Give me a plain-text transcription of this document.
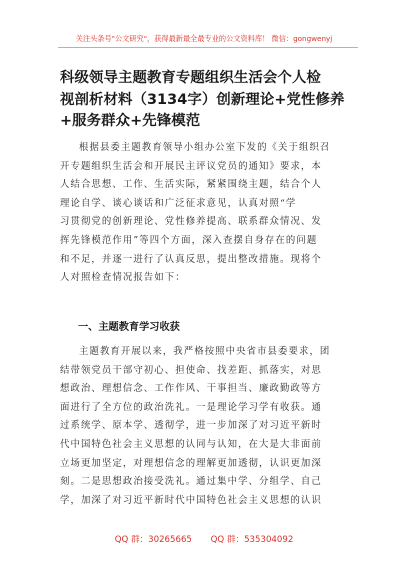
关注头条号"公文研究"，获得最新最全最专业的公文资料库！ 微信：gongwenyj
科级领导主题教育专题组织生活会个人检
视剖析材料（3134字）创新理论+党性修养
+服务群众+先锋模范
根据县委主题教育领导小组办公室下发的《关于组织召
开专题组织生活会和开展民主评议党员的通知》要求，本
人结合思想、工作、生活实际，紧紧围绕主题，结合个人
理论自学、谈心谈话和广泛征求意见，认真对照“学
习贯彻党的创新理论、党性修养提高、联系群众情况、发
挥先锋模范作用”等四个方面，深入查摆自身存在的问题
和不足，并逐一进行了认真反思，提出整改措施。现将个
人对照检查情况报告如下：
一、主题教育学习收获
主题教育开展以来，我严格按照中央省市县委要求，团
结带领党员干部守初心、担使命、找差距、抓落实，对思
想政治、理想信念、工作作风、干事担当、廉政勤政等方
面进行了全方位的政治洗礼。一是理论学习学有收获。通
过系统学、原本学、透彻学，进一步加深了对习近平新时
代中国特色社会主义思想的认同与认知，在大是大非面前
立场更加坚定，对理想信念的理解更加透彻，认识更加深
刻。二是思想政治接受洗礼。通过集中学、分组学、自己
学，加深了对习近平新时代中国特色社会主义思想的认识
QQ 群：30265665 QQ 群：535304092
